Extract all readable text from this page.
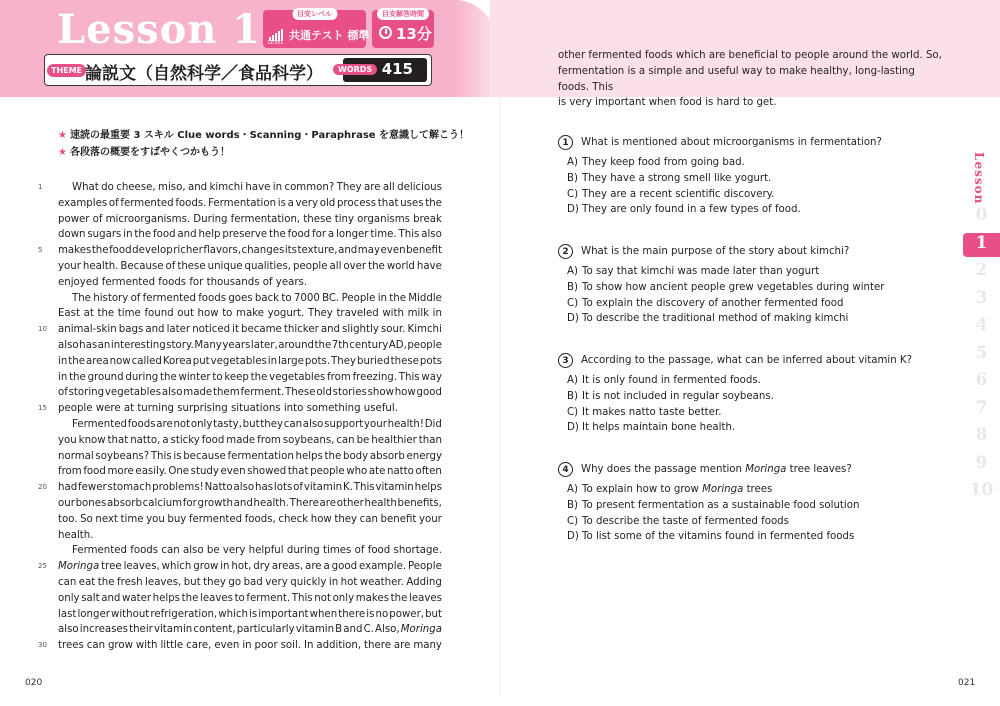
Lesson 1	目安レベル
LEVEL
共通テスト 標準
目安解答時間
13分
THEME 論説文（自然科学／食品科学）	WORDS 415
★ 速読の最重要 3 スキル Clue words・Scanning・Paraphrase を意識して解こう！
★ 各段落の概要をすばやくつかもう！
What do cheese, miso, and kimchi have in common? They are all delicious
examples of fermented foods. Fermentation is a very old process that uses the
power of microorganisms. During fermentation, these tiny organisms break
down sugars in the food and help preserve the food for a longer time. This also
makes the food develop richer flavors, changes its texture, and may even benefit
your health. Because of these unique qualities, people all over the world have
enjoyed fermented foods for thousands of years.
The history of fermented foods goes back to 7000 BC. People in the Middle
East at the time found out how to make yogurt. They traveled with milk in
animal-skin bags and later noticed it became thicker and slightly sour. Kimchi
also has an interesting story. Many years later, around the 7th century AD, people
in the area now called Korea put vegetables in large pots. They buried these pots
in the ground during the winter to keep the vegetables from freezing. This way
of storing vegetables also made them ferment. These old stories show how good
people were at turning surprising situations into something useful.
Fermented foods are not only tasty, but they can also support your health! Did
you know that natto, a sticky food made from soybeans, can be healthier than
normal soybeans? This is because fermentation helps the body absorb energy
from food more easily. One study even showed that people who ate natto often
had fewer stomach problems! Natto also has lots of vitamin K. This vitamin helps
our bones absorb calcium for growth and health. There are other health benefits,
too. So next time you buy fermented foods, check how they can benefit your
health.
Fermented foods can also be very helpful during times of food shortage.
Moringa tree leaves, which grow in hot, dry areas, are a good example. People
can eat the fresh leaves, but they go bad very quickly in hot weather. Adding
only salt and water helps the leaves to ferment. This not only makes the leaves
last longer without refrigeration, which is important when there is no power, but
also increases their vitamin content, particularly vitamin B and C. Also, Moringa
trees can grow with little care, even in poor soil. In addition, there are many
1
5
10
15
20
25
30
020	021
other fermented foods which are beneficial to people around the world. So,
fermentation is a simple and useful way to make healthy, long-lasting foods. This
is very important when food is hard to get.
1	What is mentioned about microorganisms in fermentation?
A) They keep food from going bad.
B) They have a strong smell like yogurt.
C) They are a recent scientific discovery.
D) They are only found in a few types of food.
2	What is the main purpose of the story about kimchi?
A) To say that kimchi was made later than yogurt
B) To show how ancient people grew vegetables during winter
C) To explain the discovery of another fermented food
D) To describe the traditional method of making kimchi
3	According to the passage, what can be inferred about vitamin K?
A) It is only found in fermented foods.
B) It is not included in regular soybeans.
C) It makes natto taste better.
D) It helps maintain bone health.
4	Why does the passage mention Moringa tree leaves?
A) To explain how to grow Moringa trees
B) To present fermentation as a sustainable food solution
C) To describe the taste of fermented foods
D) To list some of the vitamins found in fermented foods
Lesson
0
1
2
3
4
5
6
7
8
9
10
